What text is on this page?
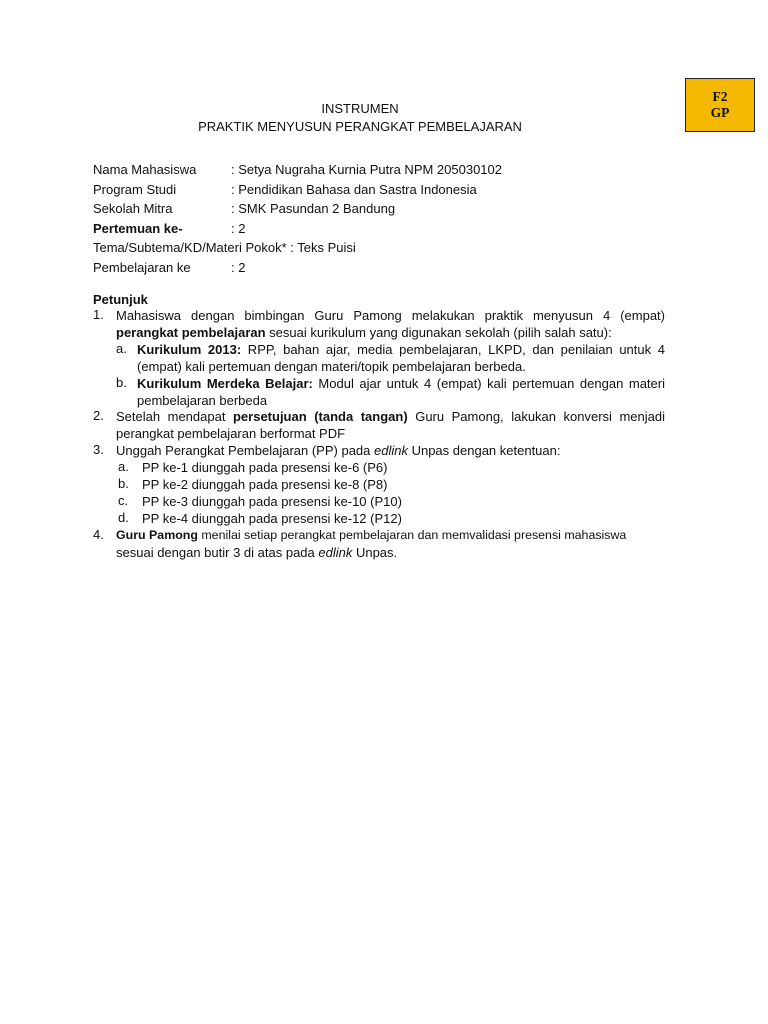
F2
GP
INSTRUMEN
PRAKTIK MENYUSUN PERANGKAT PEMBELAJARAN
Nama Mahasiswa	: Setya Nugraha Kurnia Putra NPM 205030102
Program Studi	: Pendidikan Bahasa dan Sastra Indonesia
Sekolah Mitra	: SMK Pasundan 2 Bandung
Pertemuan ke-	: 2
Tema/Subtema/KD/Materi Pokok* : Teks Puisi
Pembelajaran ke	: 2
Petunjuk
1. Mahasiswa dengan bimbingan Guru Pamong melakukan praktik menyusun 4 (empat)
perangkat pembelajaran sesuai kurikulum yang digunakan sekolah (pilih salah satu):
a. Kurikulum 2013: RPP, bahan ajar, media pembelajaran, LKPD, dan penilaian untuk 4
(empat) kali pertemuan dengan materi/topik pembelajaran berbeda.
b. Kurikulum Merdeka Belajar: Modul ajar untuk 4 (empat) kali pertemuan dengan materi
pembelajaran berbeda
2. Setelah mendapat persetujuan (tanda tangan) Guru Pamong, lakukan konversi menjadi
perangkat pembelajaran berformat PDF
3. Unggah Perangkat Pembelajaran (PP) pada edlink Unpas dengan ketentuan:
a. PP ke-1 diunggah pada presensi ke-6 (P6)
b. PP ke-2 diunggah pada presensi ke-8 (P8)
c. PP ke-3 diunggah pada presensi ke-10 (P10)
d. PP ke-4 diunggah pada presensi ke-12 (P12)
4. Guru Pamong menilai setiap perangkat pembelajaran dan memvalidasi presensi mahasiswa
sesuai dengan butir 3 di atas pada edlink Unpas.
